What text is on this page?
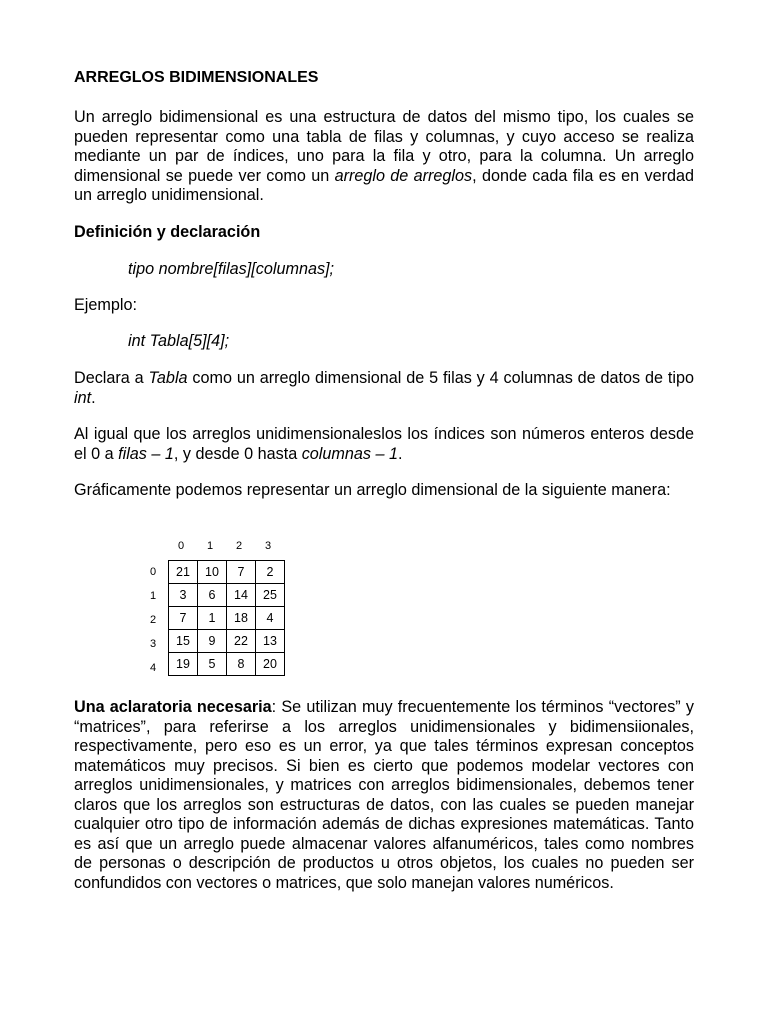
ARREGLOS BIDIMENSIONALES

Un arreglo bidimensional es una estructura de datos del mismo tipo, los cuales se pueden representar como una tabla de filas y columnas, y cuyo acceso se realiza mediante un par de índices, uno para la fila y otro, para la columna. Un arreglo dimensional se puede ver como un arreglo de arreglos, donde cada fila es en verdad un arreglo unidimensional.

Definición y declaración
tipo nombre[filas][columnas];
Ejemplo:
int Tabla[5][4];

Declara a Tabla como un arreglo dimensional de 5 filas y 4 columnas de datos de tipo int.

Al igual que los arreglos unidimensionaleslos los índices son números enteros desde el 0 a filas – 1, y desde 0 hasta columnas – 1.

Gráficamente podemos representar un arreglo dimensional de la siguiente manera:

0 1 2 3
0
1
2
3
4
21	10	7	2
3	6	14	25
7	1	18	4
15	9	22	13
19	5	8	20

Una aclaratoria necesaria: Se utilizan muy frecuentemente los términos “vectores” y “matrices”, para referirse a los arreglos unidimensionales y bidimensiionales, respectivamente, pero eso es un error, ya que tales términos expresan conceptos matemáticos muy precisos. Si bien es cierto que podemos modelar vectores con arreglos unidimensionales, y matrices con arreglos bidimensionales, debemos tener claros que los arreglos son estructuras de datos, con las cuales se pueden manejar cualquier otro tipo de información además de dichas expresiones matemáticas. Tanto es así que un arreglo puede almacenar valores alfanuméricos, tales como nombres de personas o descripción de productos u otros objetos, los cuales no pueden ser confundidos con vectores o matrices, que solo manejan valores numéricos.
